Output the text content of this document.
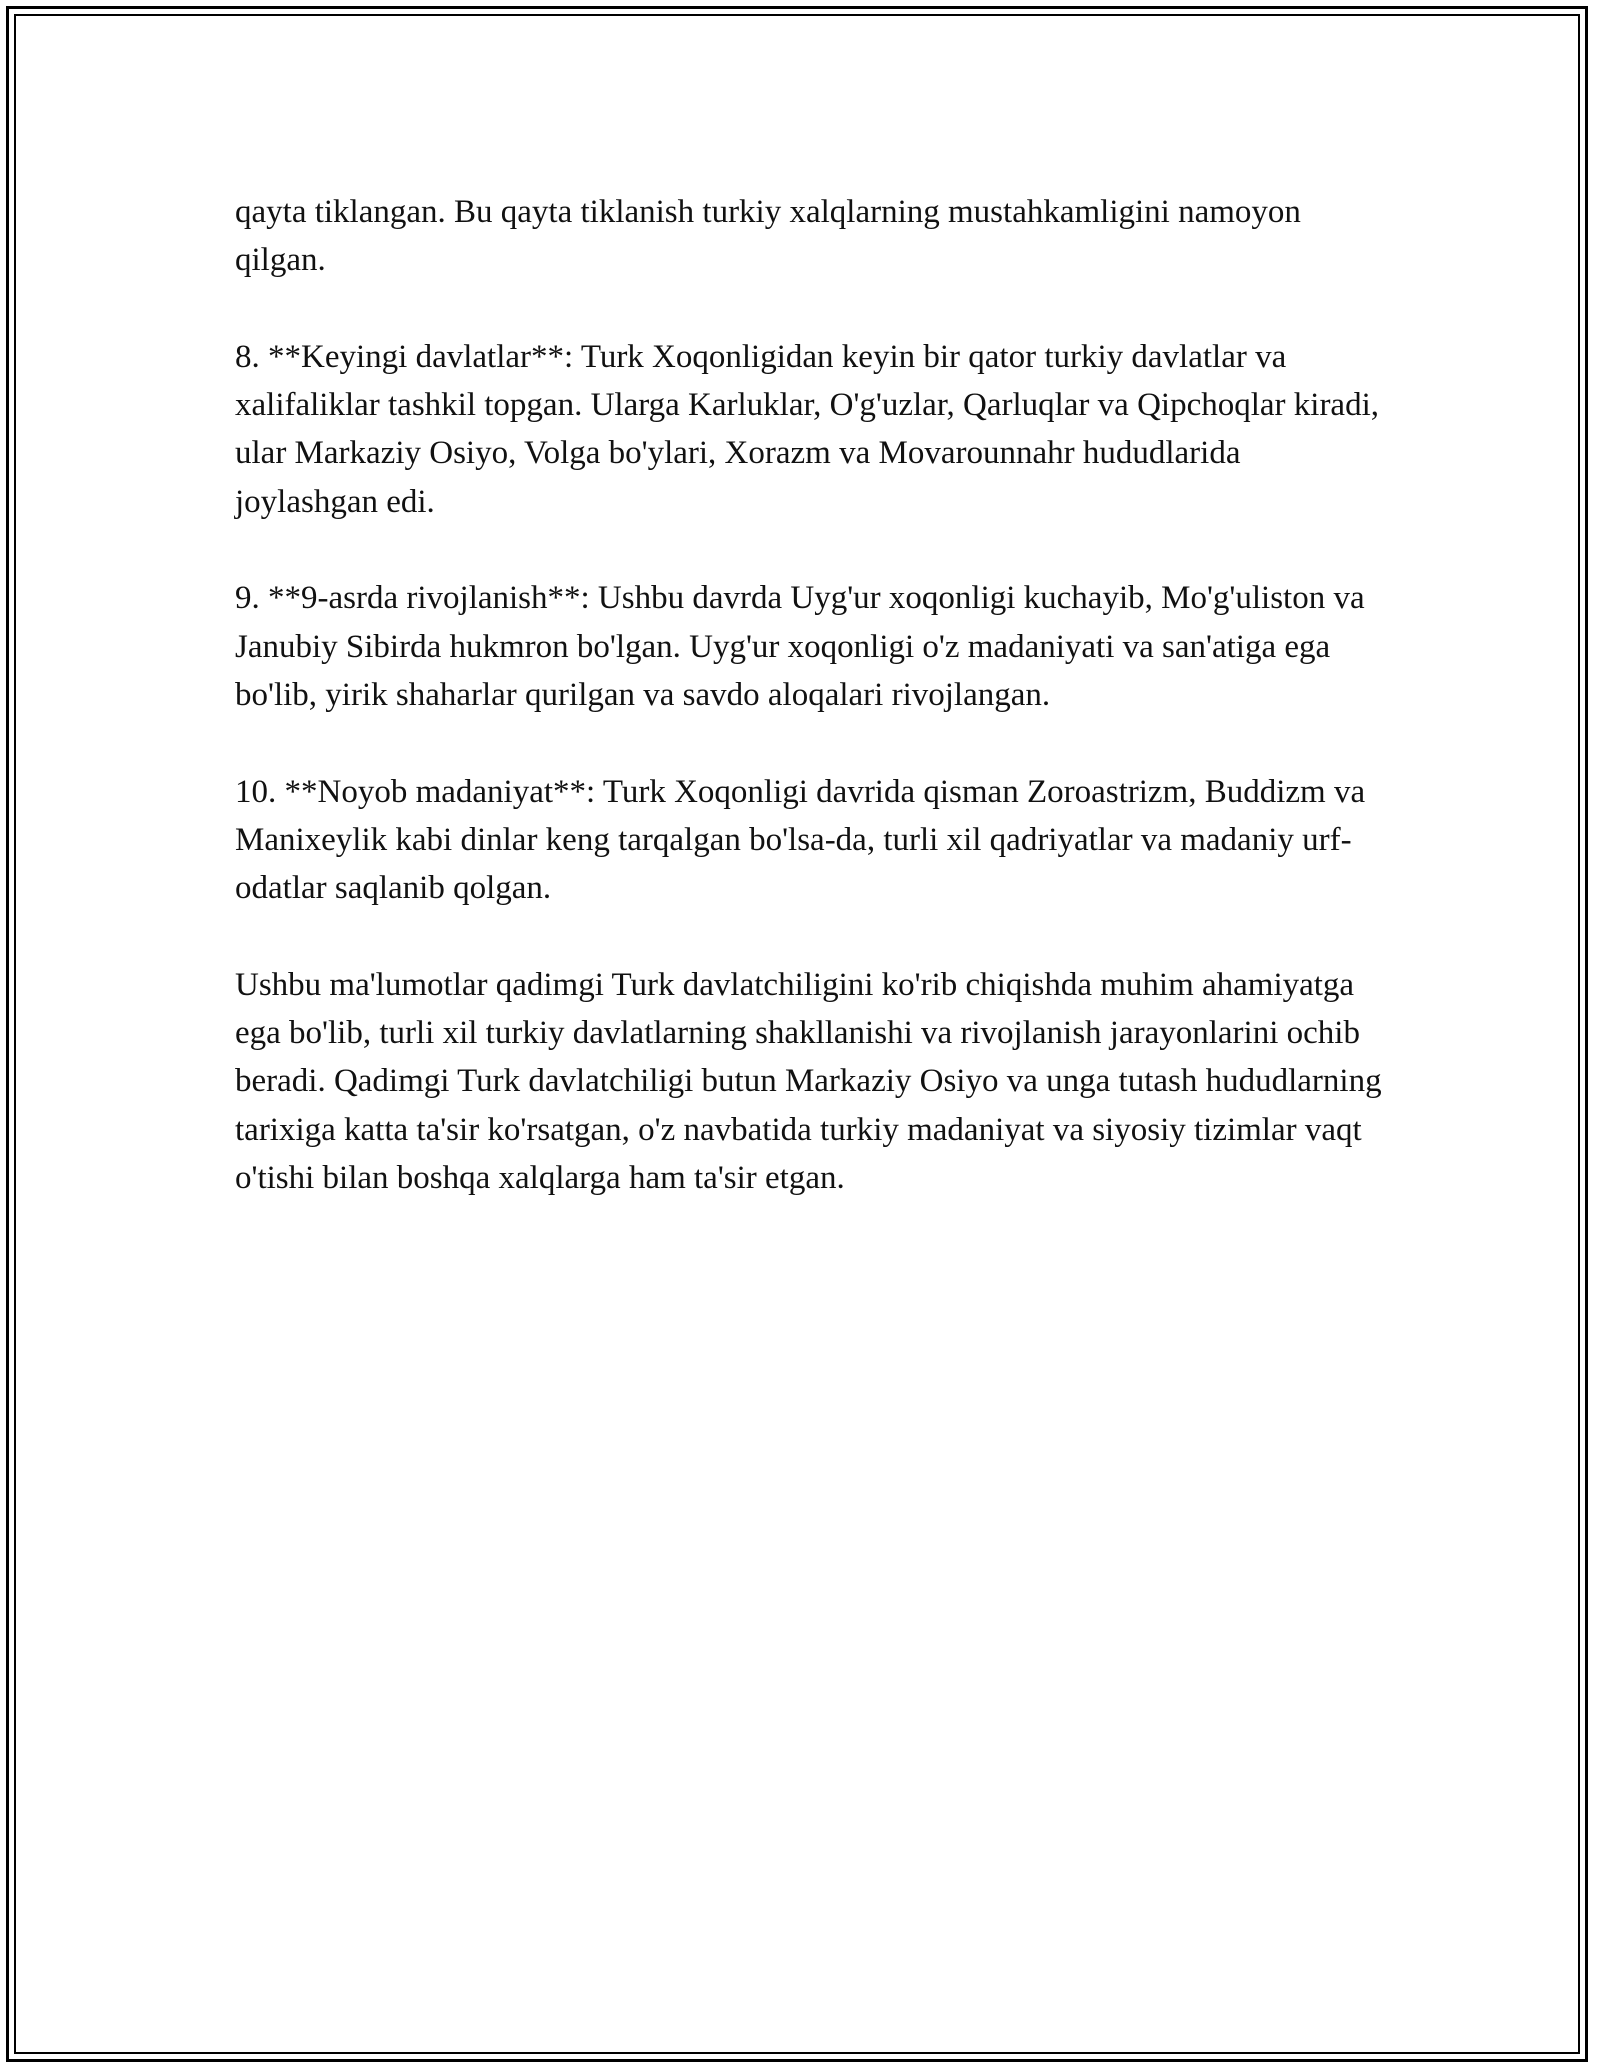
qayta tiklangan. Bu qayta tiklanish turkiy xalqlarning mustahkamligini namoyon qilgan.

8. **Keyingi davlatlar**: Turk Xoqonligidan keyin bir qator turkiy davlatlar va xalifaliklar tashkil topgan. Ularga Karluklar, O'g'uzlar, Qarluqlar va Qipchoqlar kiradi, ular Markaziy Osiyo, Volga bo'ylari, Xorazm va Movarounnahr hududlarida joylashgan edi.

9. **9-asrda rivojlanish**: Ushbu davrda Uyg'ur xoqonligi kuchayib, Mo'g'uliston va Janubiy Sibirda hukmron bo'lgan. Uyg'ur xoqonligi o'z madaniyati va san'atiga ega bo'lib, yirik shaharlar qurilgan va savdo aloqalari rivojlangan.

10. **Noyob madaniyat**: Turk Xoqonligi davrida qisman Zoroastrizm, Buddizm va Manixeylik kabi dinlar keng tarqalgan bo'lsa-da, turli xil qadriyatlar va madaniy urf-odatlar saqlanib qolgan.

Ushbu ma'lumotlar qadimgi Turk davlatchiligini ko'rib chiqishda muhim ahamiyatga ega bo'lib, turli xil turkiy davlatlarning shakllanishi va rivojlanish jarayonlarini ochib beradi. Qadimgi Turk davlatchiligi butun Markaziy Osiyo va unga tutash hududlarning tarixiga katta ta'sir ko'rsatgan, o'z navbatida turkiy madaniyat va siyosiy tizimlar vaqt o'tishi bilan boshqa xalqlarga ham ta'sir etgan.
